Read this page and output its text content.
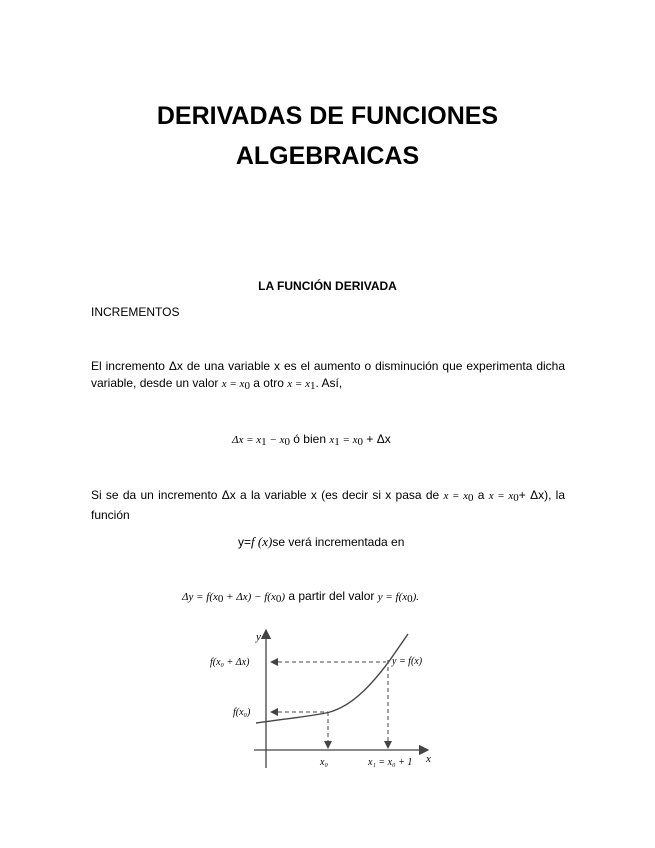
DERIVADAS DE FUNCIONES
ALGEBRAICAS
LA FUNCIÓN DERIVADA
INCREMENTOS
El incremento Δx de una variable x es el aumento o disminución que experimenta dicha variable, desde un valor $x = x_0$ a otro $x = x_1$. Así,
$\Delta x = x_1 - x_0$ ó bien $x_1 = x_0 + \Delta x$
Si se da un incremento Δx a la variable x (es decir si x pasa de $x = x_0$ a $x = x_0+ \Delta x$), la función
y=f (x)se verá incrementada en
$\Delta y = f(x_0 + \Delta x) - f(x_0)$ a partir del valor $y = f(x_0)$.
y
x
y = f(x)
f(x₀ + Δx)
f(x₀)
x₀	x₁ = x₀ + 1
